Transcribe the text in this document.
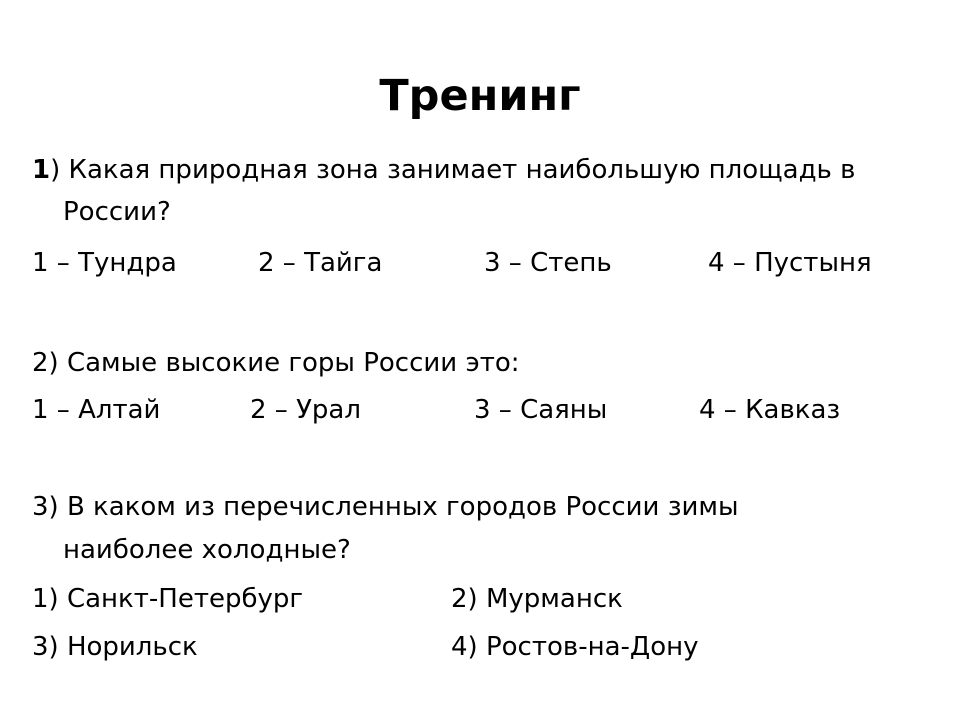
Тренинг
1) Какая природная зона занимает наибольшую площадь в
России?
1 – Тундра	2 – Тайга	3 – Степь	4 – Пустыня
2) Самые высокие горы России это:
1 – Алтай	2 – Урал	3 – Саяны	4 – Кавказ
3) В каком из перечисленных городов России зимы
наиболее холодные?
1) Санкт-Петербург	2) Мурманск
3) Норильск	4) Ростов-на-Дону
